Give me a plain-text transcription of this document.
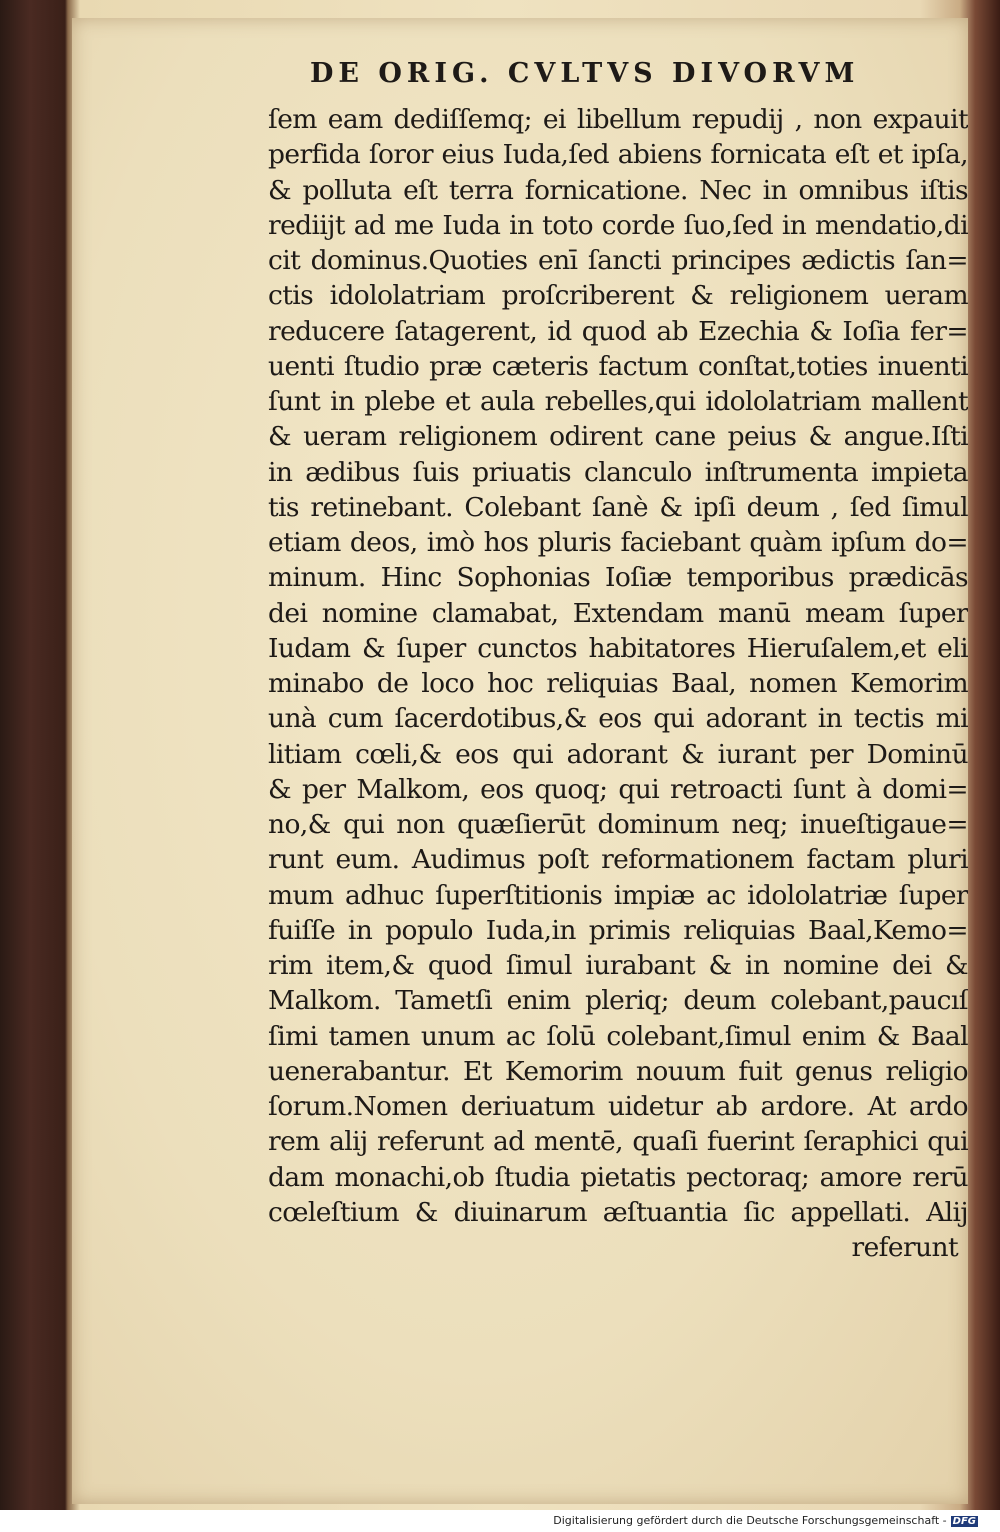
DE ORIG. CVLTVS DIVORVM
ſem eam dediſſemq; ei libellum repudij , non expauit
perfida ſoror eius Iuda,ſed abiens fornicata eſt et ipſa,
& polluta eſt terra fornicatione. Nec in omnibus iſtis
rediijt ad me Iuda in toto corde ſuo,ſed in mendatio,di
cit dominus.Quoties enī ſancti principes ædictis ſan=
ctis idololatriam proſcriberent & religionem ueram
reducere ſatagerent, id quod ab Ezechia & Ioſia fer=
uenti ſtudio præ cæteris factum conſtat,toties inuenti
ſunt in plebe et aula rebelles,qui idololatriam mallent
& ueram religionem odirent cane peius & angue.Iſti
in ædibus ſuis priuatis clanculo inſtrumenta impieta
tis retinebant. Colebant ſanè & ipſi deum , ſed ſimul
etiam deos, imò hos pluris faciebant quàm ipſum do=
minum. Hinc Sophonias Ioſiæ temporibus prædicās
dei nomine clamabat, Extendam manū meam ſuper
Iudam & ſuper cunctos habitatores Hieruſalem,et eli
minabo de loco hoc reliquias Baal, nomen Kemorim
unà cum ſacerdotibus,& eos qui adorant in tectis mi
litiam cœli,& eos qui adorant & iurant per Dominū
& per Malkom, eos quoq; qui retroacti ſunt à domi=
no,& qui non quæſierūt dominum neq; inueſtigaue=
runt eum. Audimus poſt reformationem factam pluri
mum adhuc ſuperſtitionis impiæ ac idololatriæ ſuper
fuiſſe in populo Iuda,in primis reliquias Baal,Kemo=
rim item,& quod ſimul iurabant & in nomine dei &
Malkom. Tametſi enim pleriq; deum colebant,paucıſ
ſimi tamen unum ac ſolū colebant,ſimul enim & Baal
uenerabantur. Et Kemorim nouum fuit genus religio
ſorum.Nomen deriuatum uidetur ab ardore. At ardo
rem alij referunt ad mentē, quaſi fuerint ſeraphici qui
dam monachi,ob ſtudia pietatis pectoraq; amore rerū
cœleſtium & diuinarum æſtuantia ſic appellati. Alij
referunt
Digitalisierung gefördert durch die Deutsche Forschungsgemeinschaft - DFG
